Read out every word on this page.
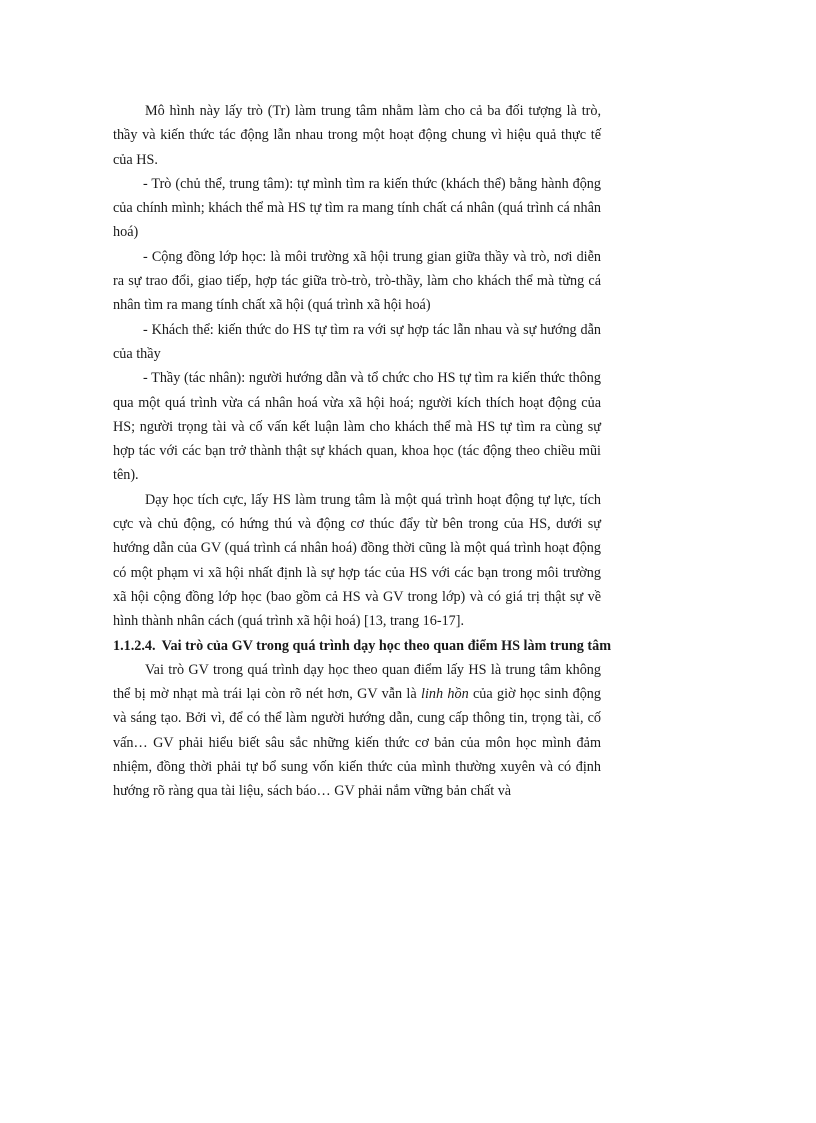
Mô hình này lấy trò (Tr) làm trung tâm nhằm làm cho cả ba đối tượng là trò, thầy và kiến thức tác động lẫn nhau trong một hoạt động chung vì hiệu quả thực tế của HS.

- Trò (chủ thể, trung tâm): tự mình tìm ra kiến thức (khách thể) bằng hành động của chính mình; khách thể mà HS tự tìm ra mang tính chất cá nhân (quá trình cá nhân hoá)

- Cộng đồng lớp học: là môi trường xã hội trung gian giữa thầy và trò, nơi diễn ra sự trao đổi, giao tiếp, hợp tác giữa trò-trò, trò-thầy, làm cho khách thể mà từng cá nhân tìm ra mang tính chất xã hội (quá trình xã hội hoá)

- Khách thể: kiến thức do HS tự tìm ra với sự hợp tác lẫn nhau và sự hướng dẫn của thầy

- Thầy (tác nhân): người hướng dẫn và tổ chức cho HS tự tìm ra kiến thức thông qua một quá trình vừa cá nhân hoá vừa xã hội hoá; người kích thích hoạt động của HS; người trọng tài và cố vấn kết luận làm cho khách thể mà HS tự tìm ra cùng sự hợp tác với các bạn trở thành thật sự khách quan, khoa học (tác động theo chiều mũi tên).

Dạy học tích cực, lấy HS làm trung tâm là một quá trình hoạt động tự lực, tích cực và chủ động, có hứng thú và động cơ thúc đẩy từ bên trong của HS, dưới sự hướng dẫn của GV (quá trình cá nhân hoá) đồng thời cũng là một quá trình hoạt động có một phạm vi xã hội nhất định là sự hợp tác của HS với các bạn trong môi trường xã hội cộng đồng lớp học (bao gồm cả HS và GV trong lớp) và có giá trị thật sự về hình thành nhân cách (quá trình xã hội hoá) [13, trang 16-17].

1.1.2.4. Vai trò của GV trong quá trình dạy học theo quan điểm HS làm trung tâm

Vai trò GV trong quá trình dạy học theo quan điểm lấy HS là trung tâm không thể bị mờ nhạt mà trái lại còn rõ nét hơn, GV vẫn là linh hồn của giờ học sinh động và sáng tạo. Bởi vì, để có thể làm người hướng dẫn, cung cấp thông tin, trọng tài, cố vấn… GV phải hiểu biết sâu sắc những kiến thức cơ bản của môn học mình đảm nhiệm, đồng thời phải tự bổ sung vốn kiến thức của mình thường xuyên và có định hướng rõ ràng qua tài liệu, sách báo… GV phải nắm vững bản chất và
